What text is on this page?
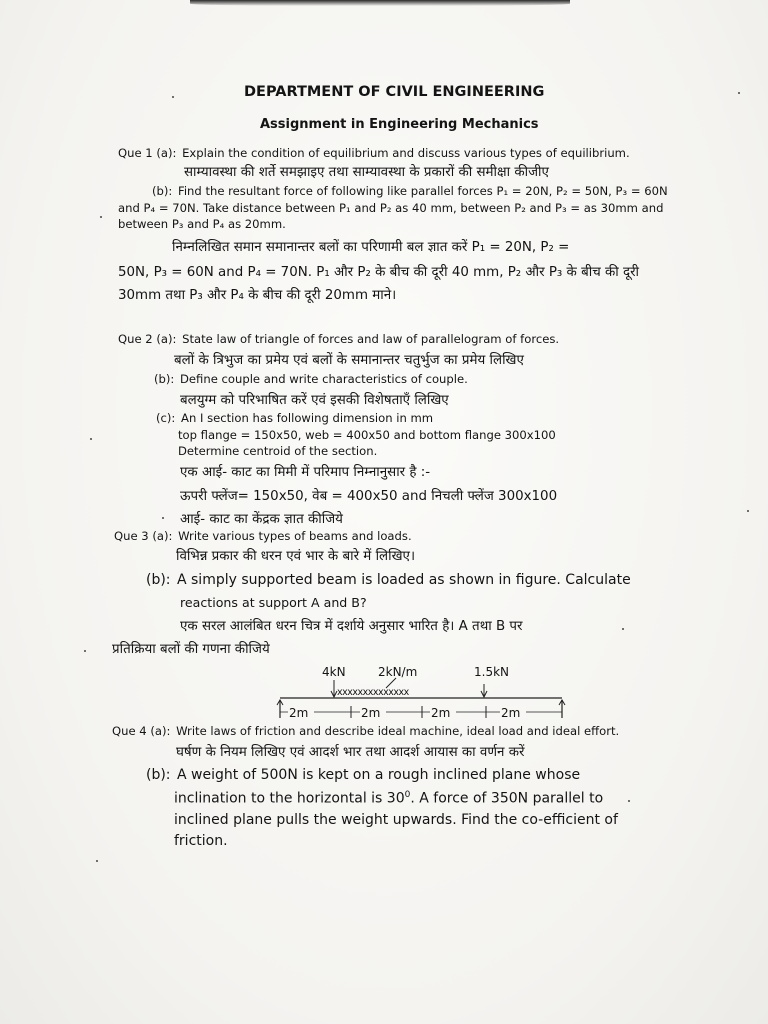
DEPARTMENT OF CIVIL ENGINEERING

Assignment in Engineering Mechanics

Que 1 (a): Explain the condition of equilibrium and discuss various types of equilibrium.

साम्यावस्था की शर्ते समझाइए तथा साम्यावस्था के प्रकारों की समीक्षा कीजीए

(b): Find the resultant force of following like parallel forces P₁ = 20N, P₂ = 50N, P₃ = 60N

and P₄ = 70N. Take distance between P₁ and P₂ as 40 mm, between P₂ and P₃ = as 30mm and

between P₃ and P₄ as 20mm.

निम्नलिखित समान समानान्तर बलों का परिणामी बल ज्ञात करें P₁ = 20N, P₂ =

50N, P₃ = 60N and P₄ = 70N. P₁ और P₂ के बीच की दूरी 40 mm, P₂ और P₃ के बीच की दूरी

30mm तथा P₃ और P₄ के बीच की दूरी 20mm माने।

Que 2 (a): State law of triangle of forces and law of parallelogram of forces.

बलों के त्रिभुज का प्रमेय एवं बलों के समानान्तर चतुर्भुज का प्रमेय लिखिए

(b): Define couple and write characteristics of couple.

बलयुग्म को परिभाषित करें एवं इसकी विशेषताएँ लिखिए

(c): An I section has following dimension in mm

top flange = 150x50, web = 400x50 and bottom flange 300x100

Determine centroid of the section.

एक आई- काट का मिमी में परिमाप निम्नानुसार है :-

ऊपरी फ्लेंज= 150x50, वेब = 400x50 and निचली फ्लेंज 300x100

आई- काट का केंद्रक ज्ञात कीजिये

Que 3 (a): Write various types of beams and loads.

विभिन्न प्रकार की धरन एवं भार के बारे में लिखिए।

(b): A simply supported beam is loaded as shown in figure. Calculate

reactions at support A and B?

एक सरल आलंबित धरन चित्र में दर्शाये अनुसार भारित है। A तथा B पर

प्रतिक्रिया बलों की गणना कीजिये

4kN	2kN/m	1.5kN
xxxxxxxxxxxxxx
2m	2m	2m	2m

Que 4 (a): Write laws of friction and describe ideal machine, ideal load and ideal effort.

घर्षण के नियम लिखिए एवं आदर्श भार तथा आदर्श आयास का वर्णन करें

(b): A weight of 500N is kept on a rough inclined plane whose

inclination to the horizontal is $30^0$. A force of 350N parallel to

inclined plane pulls the weight upwards. Find the co-efficient of

friction.
